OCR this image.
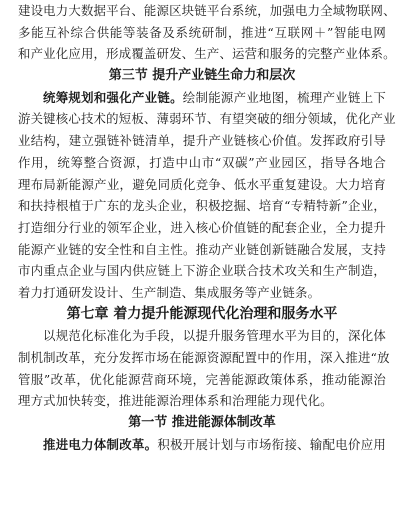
建设电力大数据平台、能源区块链平台系统，加强电力全域物联网、
多能互补综合供能等装备及系统研制，推进“互联网＋”智能电网
和产业化应用，形成覆盖研发、生产、运营和服务的完整产业体系。
第三节 提升产业链生命力和层次
统筹规划和强化产业链。绘制能源产业地图，梳理产业链上下
游关键核心技术的短板、薄弱环节、有望突破的细分领域，优化产业
业结构，建立强链补链清单，提升产业链核心价值。发挥政府引导
作用，统筹整合资源，打造中山市“双碳”产业园区，指导各地合
理布局新能源产业，避免同质化竞争、低水平重复建设。大力培育
和扶持根植于广东的龙头企业，积极挖掘、培育“专精特新”企业，
打造细分行业的领军企业，进入核心价值链的配套企业，全力提升
能源产业链的安全性和自主性。推动产业链创新链融合发展，支持
市内重点企业与国内供应链上下游企业联合技术攻关和生产制造，
着力打通研发设计、生产制造、集成服务等产业链条。
第七章 着力提升能源现代化治理和服务水平
以规范化标准化为手段，以提升服务管理水平为目的，深化体
制机制改革，充分发挥市场在能源资源配置中的作用，深入推进“放
管服”改革，优化能源营商环境，完善能源政策体系，推动能源治
理方式加快转变，推进能源治理体系和治理能力现代化。
第一节 推进能源体制改革
推进电力体制改革。积极开展计划与市场衔接、输配电价应用
